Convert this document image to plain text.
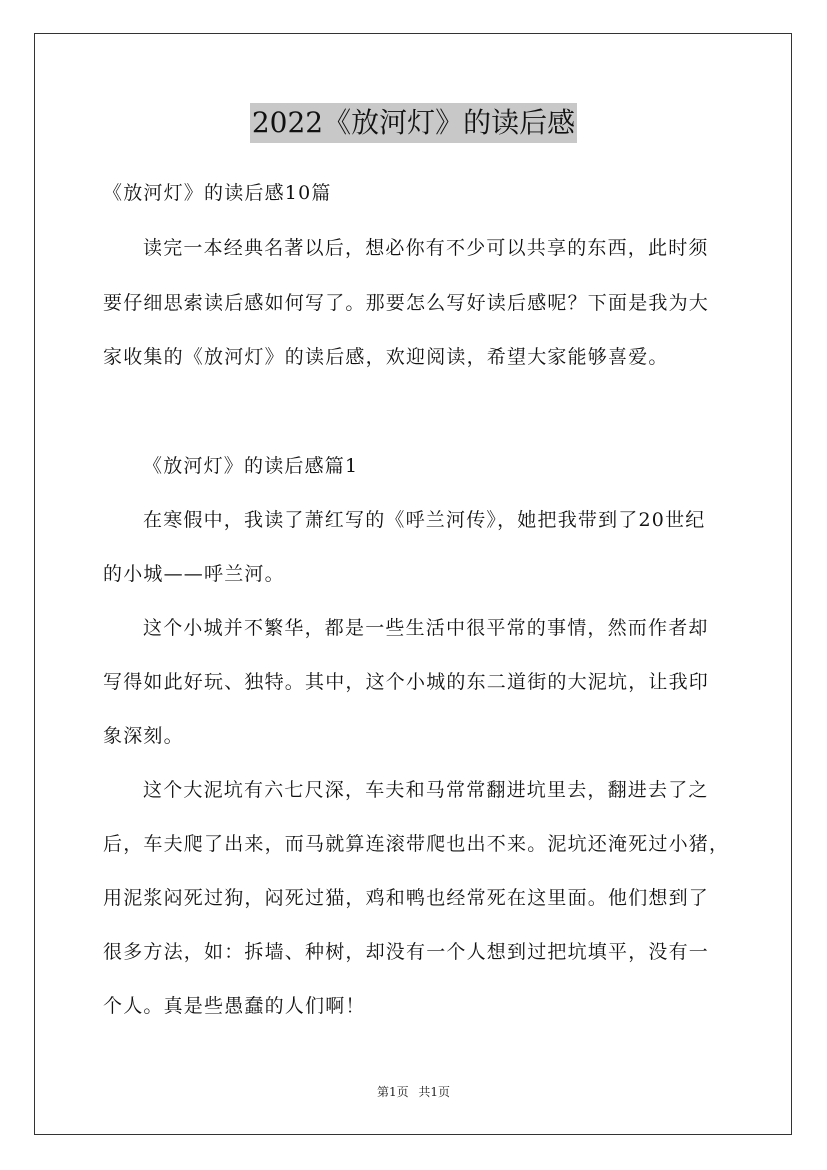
2022《放河灯》的读后感

《放河灯》的读后感10篇

读完一本经典名著以后，想必你有不少可以共享的东西，此时须

要仔细思索读后感如何写了。那要怎么写好读后感呢？下面是我为大

家收集的《放河灯》的读后感，欢迎阅读，希望大家能够喜爱。

《放河灯》的读后感篇1

在寒假中，我读了萧红写的《呼兰河传》，她把我带到了20世纪

的小城——呼兰河。

这个小城并不繁华，都是一些生活中很平常的事情，然而作者却

写得如此好玩、独特。其中，这个小城的东二道街的大泥坑，让我印

象深刻。

这个大泥坑有六七尺深，车夫和马常常翻进坑里去，翻进去了之

后，车夫爬了出来，而马就算连滚带爬也出不来。泥坑还淹死过小猪，

用泥浆闷死过狗，闷死过猫，鸡和鸭也经常死在这里面。他们想到了

很多方法，如：拆墙、种树，却没有一个人想到过把坑填平，没有一

个人。真是些愚蠢的人们啊！

第1页 共1页
